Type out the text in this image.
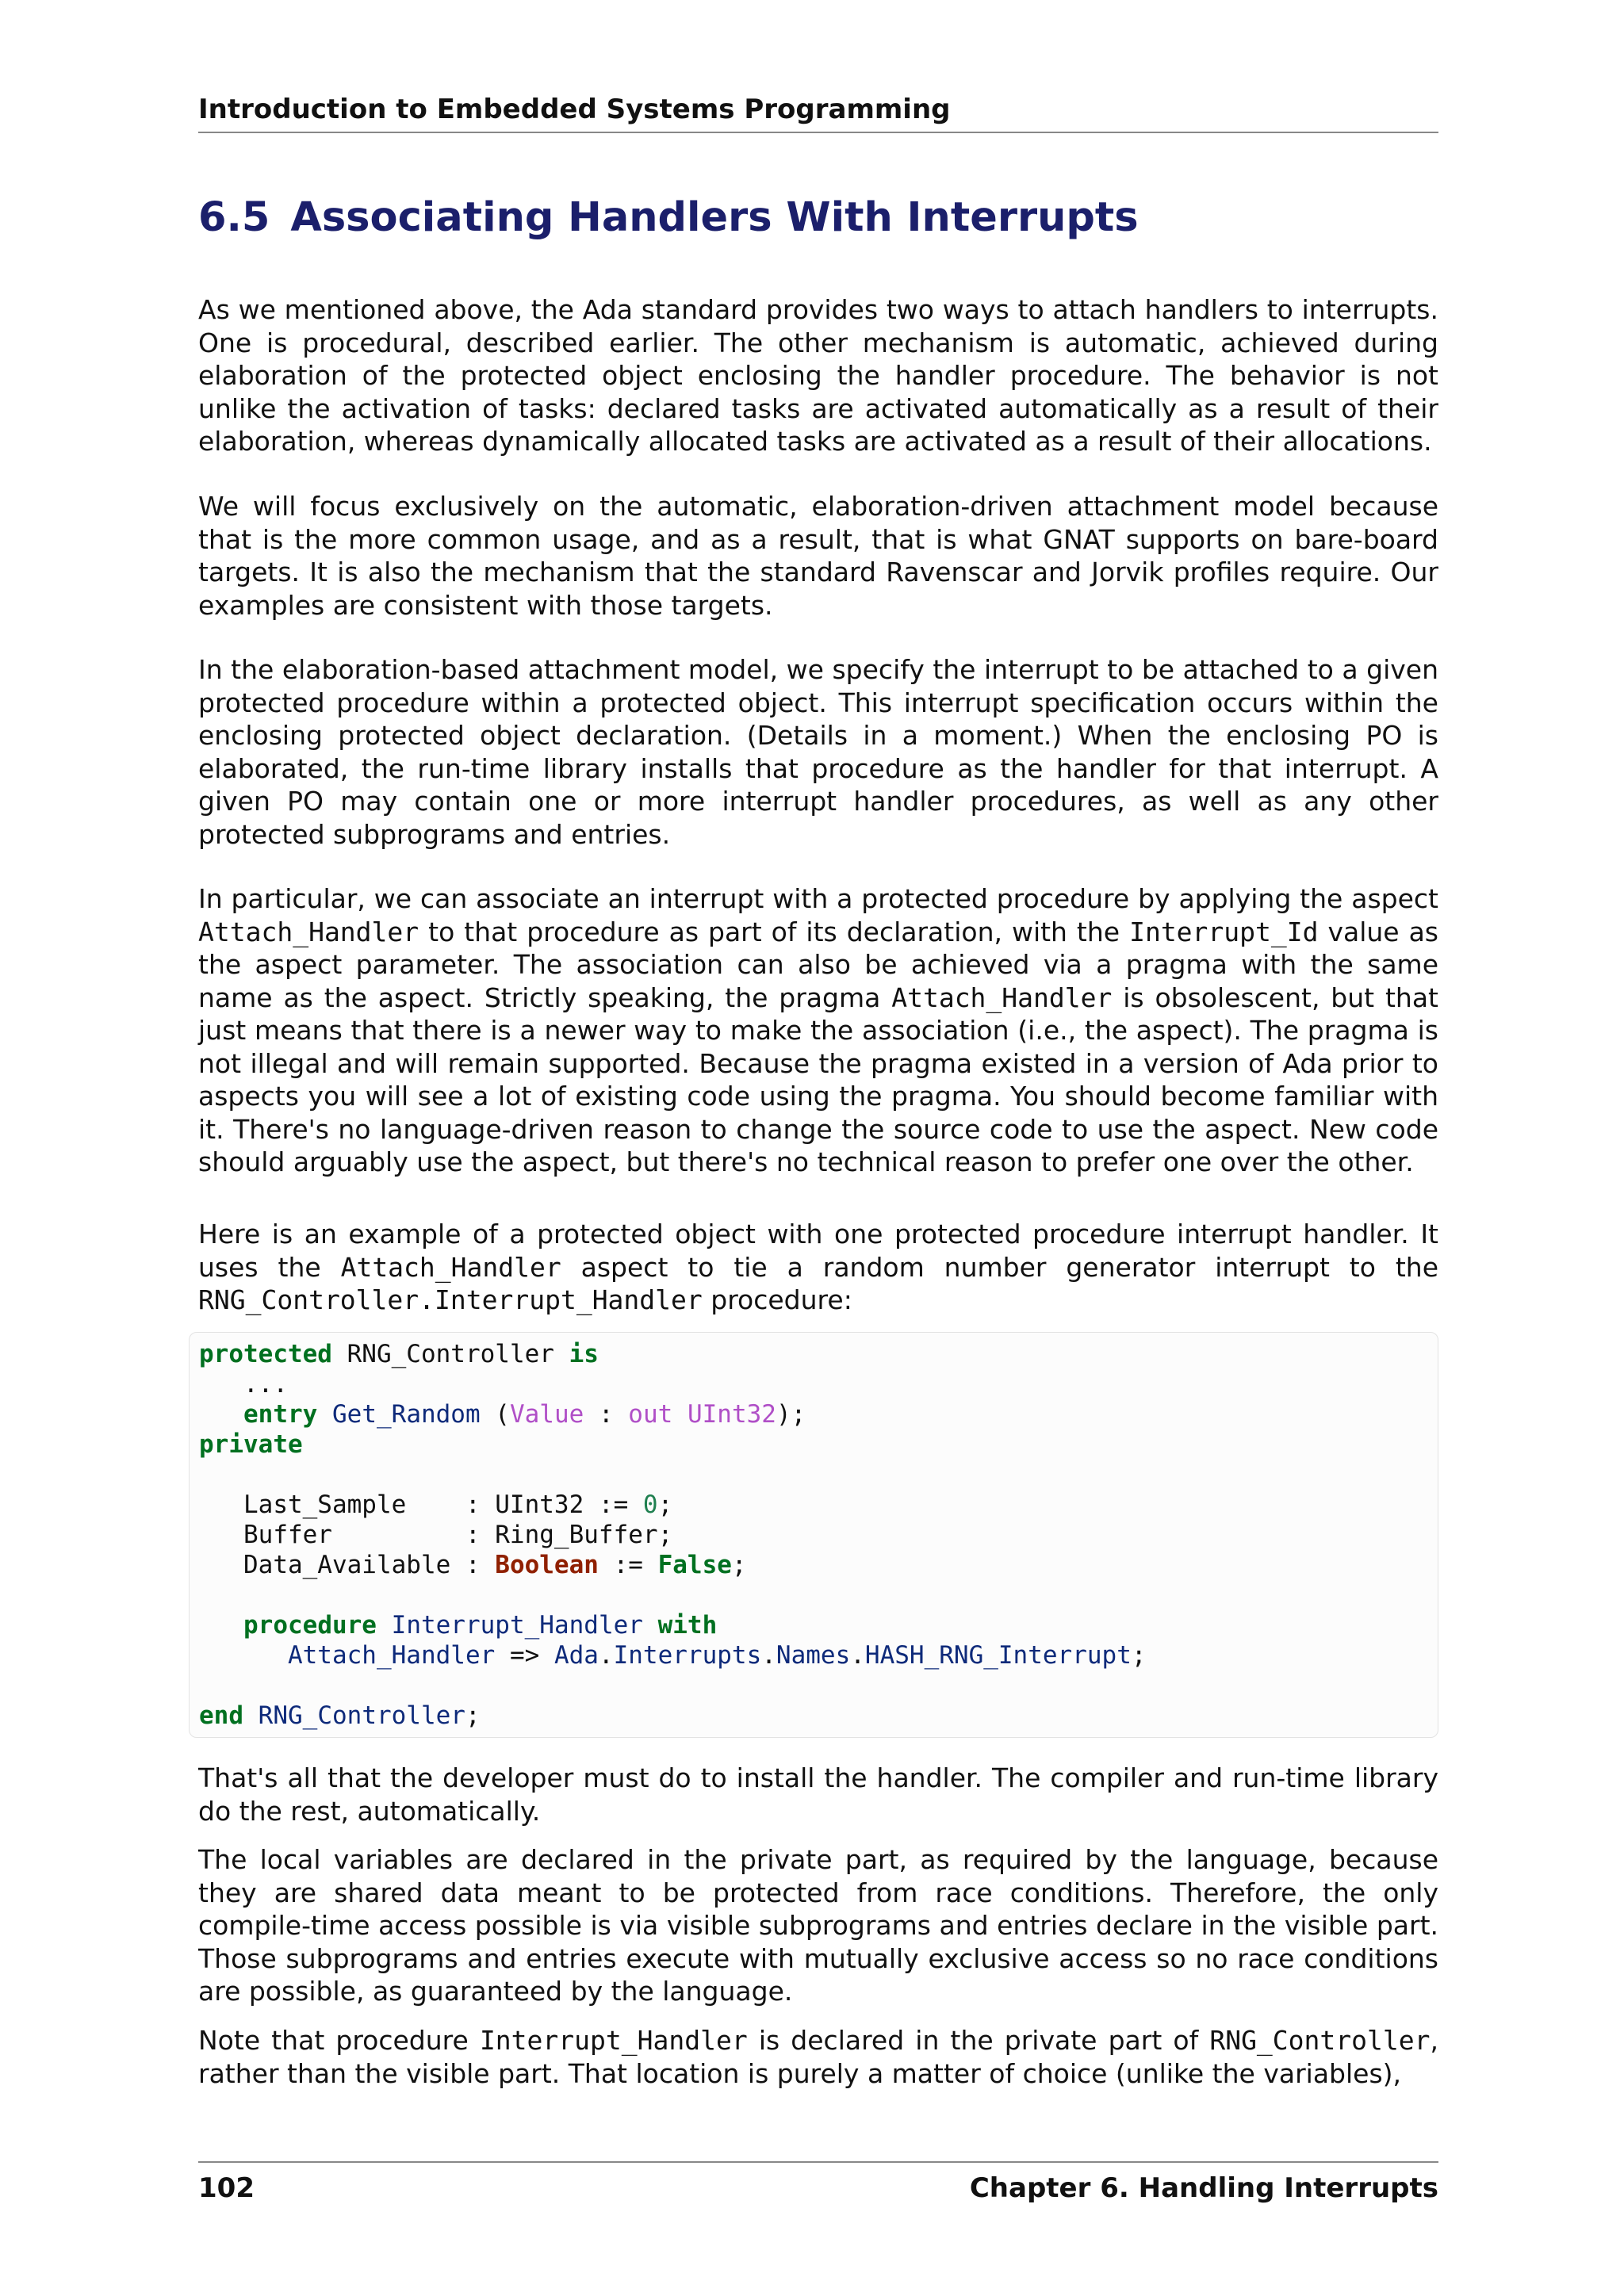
Introduction to Embedded Systems Programming
6.5 Associating Handlers With Interrupts

As we mentioned above, the Ada standard provides two ways to attach handlers to interrupts. One is procedural, described earlier. The other mechanism is automatic, achieved during elaboration of the protected object enclosing the handler procedure. The behavior is not unlike the activation of tasks: declared tasks are activated automatically as a result of their elaboration, whereas dynamically allocated tasks are activated as a result of their allocations.

We will focus exclusively on the automatic, elaboration-driven attachment model because that is the more common usage, and as a result, that is what GNAT supports on bare-board targets. It is also the mechanism that the standard Ravenscar and Jorvik profiles require. Our examples are consistent with those targets.

In the elaboration-based attachment model, we specify the interrupt to be attached to a given protected procedure within a protected object. This interrupt specification occurs within the enclosing protected object declaration. (Details in a moment.) When the enclosing PO is elaborated, the run-time library installs that procedure as the handler for that interrupt. A given PO may contain one or more interrupt handler procedures, as well as any other protected subprograms and entries.

In particular, we can associate an interrupt with a protected procedure by applying the aspect Attach_Handler to that procedure as part of its declaration, with the Interrupt_Id value as the aspect parameter. The association can also be achieved via a pragma with the same name as the aspect. Strictly speaking, the pragma Attach_Handler is obsolescent, but that just means that there is a newer way to make the association (i.e., the aspect). The pragma is not illegal and will remain supported. Because the pragma existed in a version of Ada prior to aspects you will see a lot of existing code using the pragma. You should become familiar with it. There's no language-driven reason to change the source code to use the aspect. New code should arguably use the aspect, but there's no technical reason to prefer one over the other.

Here is an example of a protected object with one protected procedure interrupt handler. It uses the Attach_Handler aspect to tie a random number generator interrupt to the RNG_Controller.Interrupt_Handler procedure:

protected RNG_Controller is
...
entry Get_Random (Value : out UInt32);
private
Last_Sample    : UInt32 := 0;
Buffer         : Ring_Buffer;
Data_Available : Boolean := False;
procedure Interrupt_Handler with
Attach_Handler => Ada.Interrupts.Names.HASH_RNG_Interrupt;
end RNG_Controller;

That's all that the developer must do to install the handler. The compiler and run-time library do the rest, automatically.

The local variables are declared in the private part, as required by the language, because they are shared data meant to be protected from race conditions. Therefore, the only compile-time access possible is via visible subprograms and entries declare in the visible part. Those subprograms and entries execute with mutually exclusive access so no race conditions are possible, as guaranteed by the language.

Note that procedure Interrupt_Handler is declared in the private part of RNG_Controller, rather than the visible part. That location is purely a matter of choice (unlike the variables),

102	Chapter 6. Handling Interrupts
